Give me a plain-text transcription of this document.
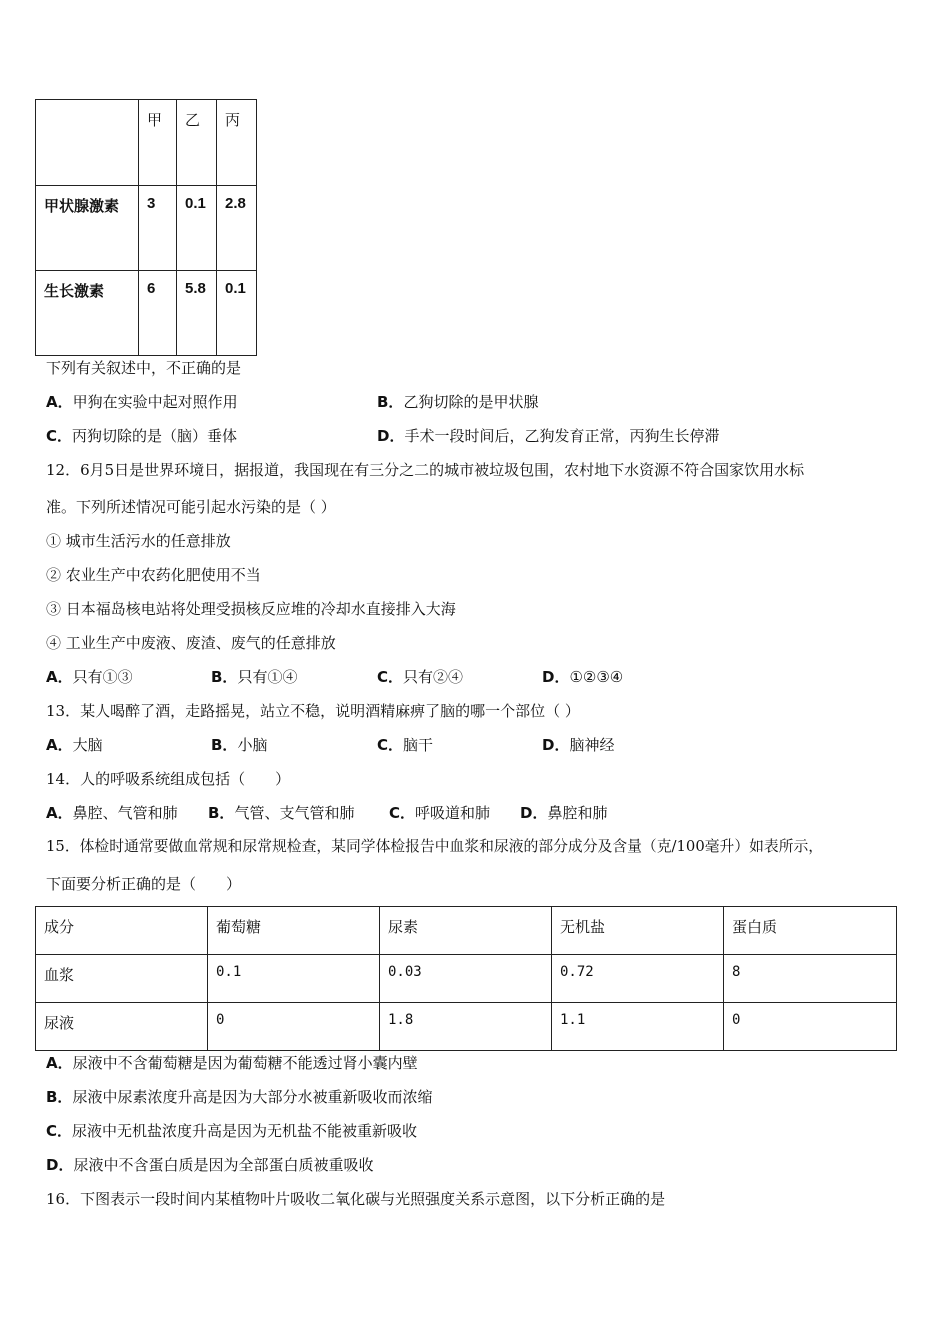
	甲	乙	丙
甲状腺激素	3	0.1	2.8
生长激素	6	5.8	0.1
下列有关叙述中，不正确的是
A．甲狗在实验中起对照作用	B．乙狗切除的是甲状腺
C．丙狗切除的是（脑）垂体	D．手术一段时间后，乙狗发育正常，丙狗生长停滞
12．6月5日是世界环境日，据报道，我国现在有三分之二的城市被垃圾包围，农村地下水资源不符合国家饮用水标
准。下列所述情况可能引起水污染的是（ ）
① 城市生活污水的任意排放
② 农业生产中农药化肥使用不当
③ 日本福岛核电站将处理受损核反应堆的冷却水直接排入大海
④ 工业生产中废液、废渣、废气的任意排放
A．只有①③	B．只有①④	C．只有②④	D．①②③④
13．某人喝醉了酒，走路摇晃，站立不稳，说明酒精麻痹了脑的哪一个部位（ ）
A．大脑	B．小脑	C．脑干	D．脑神经
14．人的呼吸系统组成包括（　　）
A．鼻腔、气管和肺 B．气管、支气管和肺 C．呼吸道和肺 D．鼻腔和肺
15．体检时通常要做血常规和尿常规检查，某同学体检报告中血浆和尿液的部分成分及含量（克/100毫升）如表所示，
下面要分析正确的是（　　）
成分	葡萄糖	尿素	无机盐	蛋白质
血浆	0.1	0.03	0.72	8
尿液	0	1.8	1.1	0
A．尿液中不含葡萄糖是因为葡萄糖不能透过肾小囊内壁
B．尿液中尿素浓度升高是因为大部分水被重新吸收而浓缩
C．尿液中无机盐浓度升高是因为无机盐不能被重新吸收
D．尿液中不含蛋白质是因为全部蛋白质被重吸收
16．下图表示一段时间内某植物叶片吸收二氧化碳与光照强度关系示意图，以下分析正确的是
